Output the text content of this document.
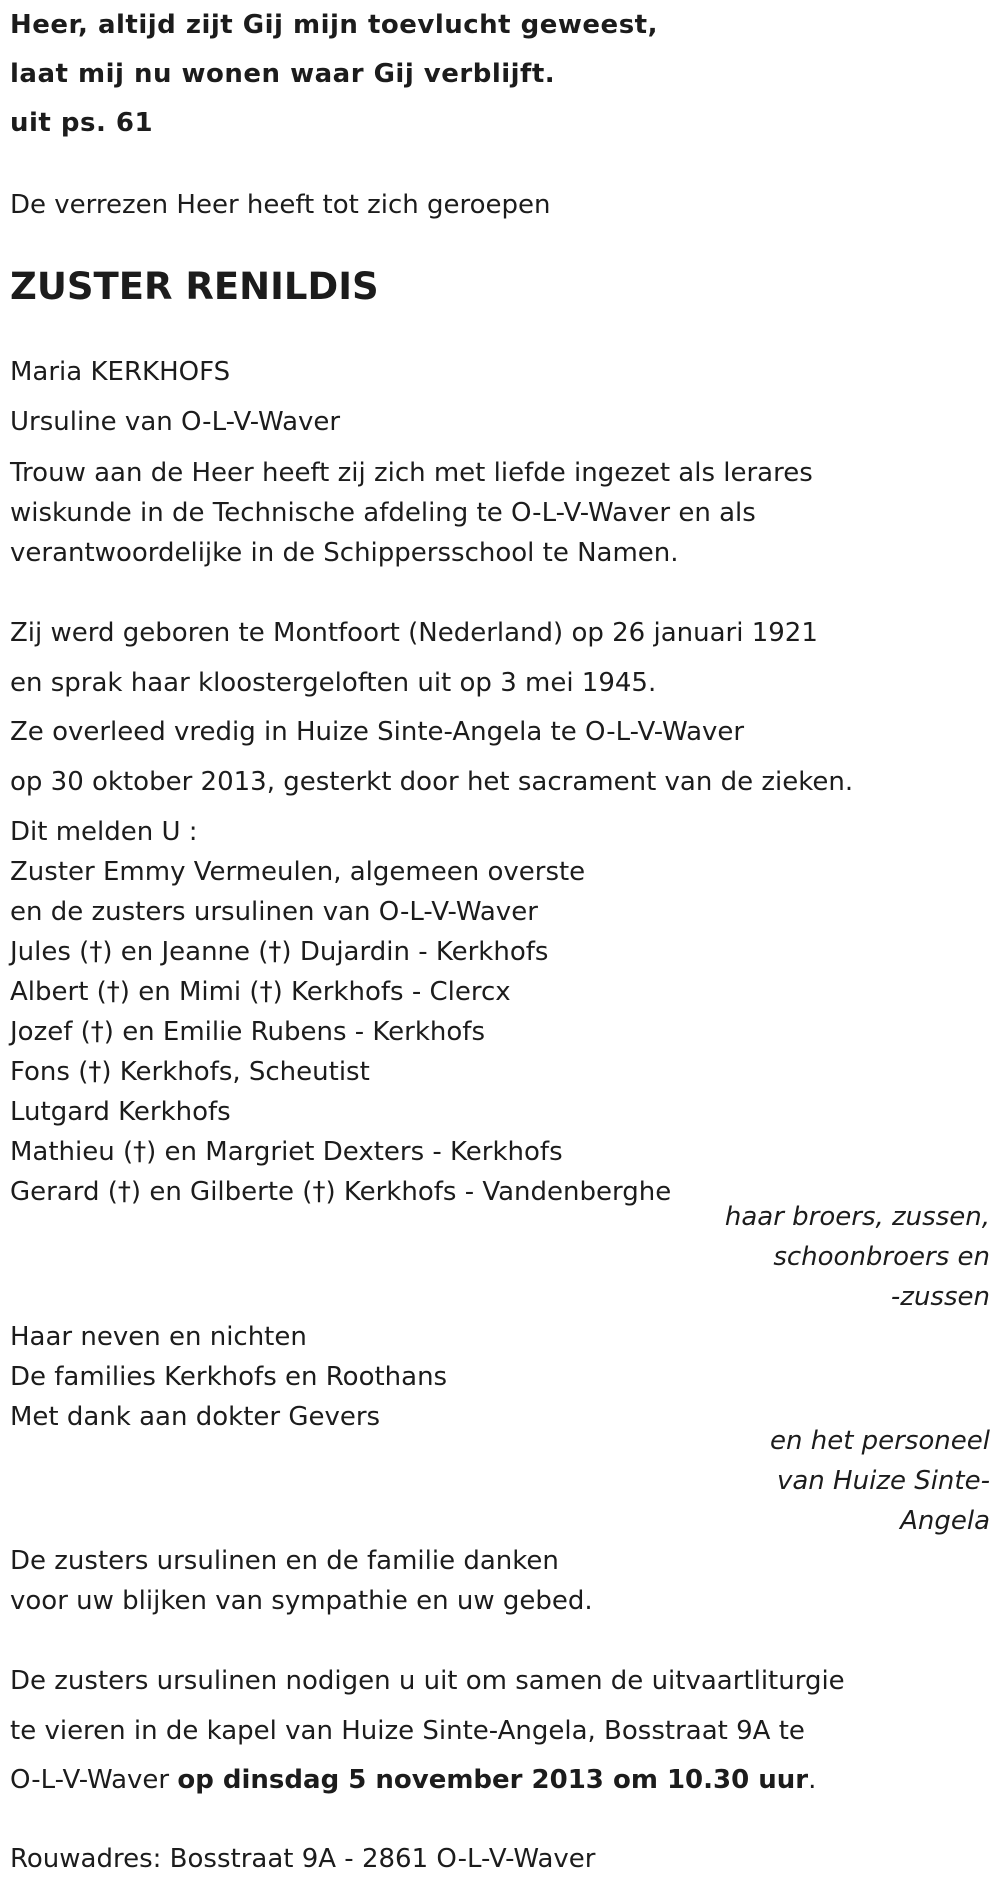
Heer, altijd zijt Gij mijn toevlucht geweest,
laat mij nu wonen waar Gij verblijft.
uit ps. 61
De verrezen Heer heeft tot zich geroepen
ZUSTER RENILDIS
Maria KERKHOFS
Ursuline van O-L-V-Waver
Trouw aan de Heer heeft zij zich met liefde ingezet als lerares
wiskunde in de Technische afdeling te O-L-V-Waver en als
verantwoordelijke in de Schippersschool te Namen.
Zij werd geboren te Montfoort (Nederland) op 26 januari 1921
en sprak haar kloostergeloften uit op 3 mei 1945.
Ze overleed vredig in Huize Sinte-Angela te O-L-V-Waver
op 30 oktober 2013, gesterkt door het sacrament van de zieken.
Dit melden U :
Zuster Emmy Vermeulen, algemeen overste
en de zusters ursulinen van O-L-V-Waver
Jules (†) en Jeanne (†) Dujardin - Kerkhofs
Albert (†) en Mimi (†) Kerkhofs - Clercx
Jozef (†) en Emilie Rubens - Kerkhofs
Fons (†) Kerkhofs, Scheutist
Lutgard Kerkhofs
Mathieu (†) en Margriet Dexters - Kerkhofs
Gerard (†) en Gilberte (†) Kerkhofs - Vandenberghe
haar broers, zussen,
schoonbroers en
-zussen
Haar neven en nichten
De families Kerkhofs en Roothans
Met dank aan dokter Gevers
en het personeel
van Huize Sinte-
Angela
De zusters ursulinen en de familie danken
voor uw blijken van sympathie en uw gebed.
De zusters ursulinen nodigen u uit om samen de uitvaartliturgie
te vieren in de kapel van Huize Sinte-Angela, Bosstraat 9A te
O-L-V-Waver op dinsdag 5 november 2013 om 10.30 uur.
Rouwadres: Bosstraat 9A - 2861 O-L-V-Waver
